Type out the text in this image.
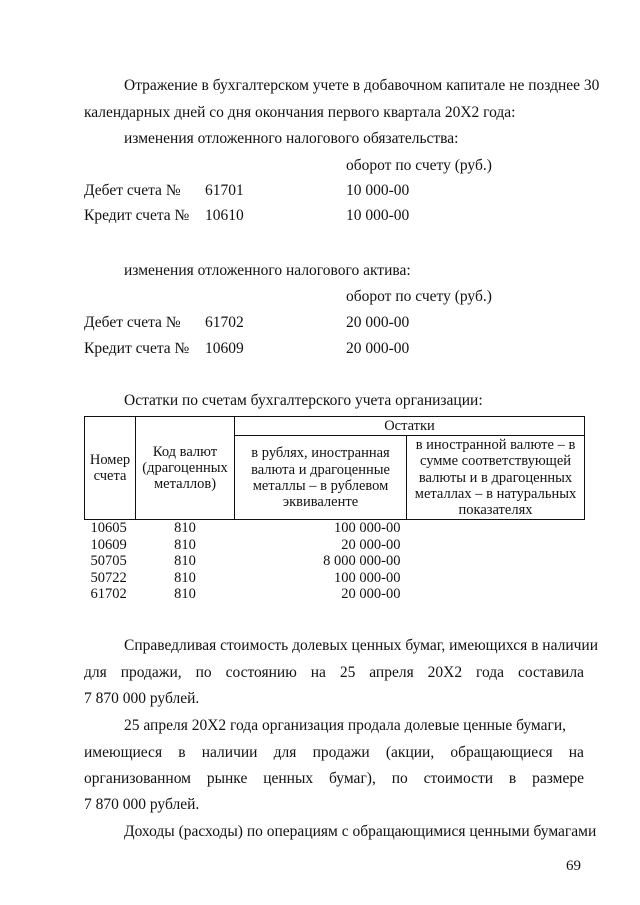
Отражение в бухгалтерском учете в добавочном капитале не позднее 30
календарных дней со дня окончания первого квартала 20X2 года:
изменения отложенного налогового обязательства:
оборот по счету (руб.)
Дебет счета № 61701	10 000-00
Кредит счета № 10610	10 000-00
изменения отложенного налогового актива:
оборот по счету (руб.)
Дебет счета № 61702	20 000-00
Кредит счета № 10609	20 000-00
Остатки по счетам бухгалтерского учета организации:
Номер счета	Код валют (драгоценных металлов)	Остатки	
		в рублях, иностранная валюта и драгоценные металлы – в рублевом эквиваленте	в иностранной валюте – в сумме соответствующей валюты и в драгоценных металлах – в натуральных показателях
10605	810	100 000-00	
10609	810	20 000-00	
50705	810	8 000 000-00	
50722	810	100 000-00	
61702	810	20 000-00	
Справедливая стоимость долевых ценных бумаг, имеющихся в наличии
для продажи, по состоянию на 25 апреля 20X2 года составила
7 870 000 рублей.
25 апреля 20X2 года организация продала долевые ценные бумаги,
имеющиеся в наличии для продажи (акции, обращающиеся на
организованном рынке ценных бумаг), по стоимости в размере
7 870 000 рублей.
Доходы (расходы) по операциям с обращающимися ценными бумагами
69
